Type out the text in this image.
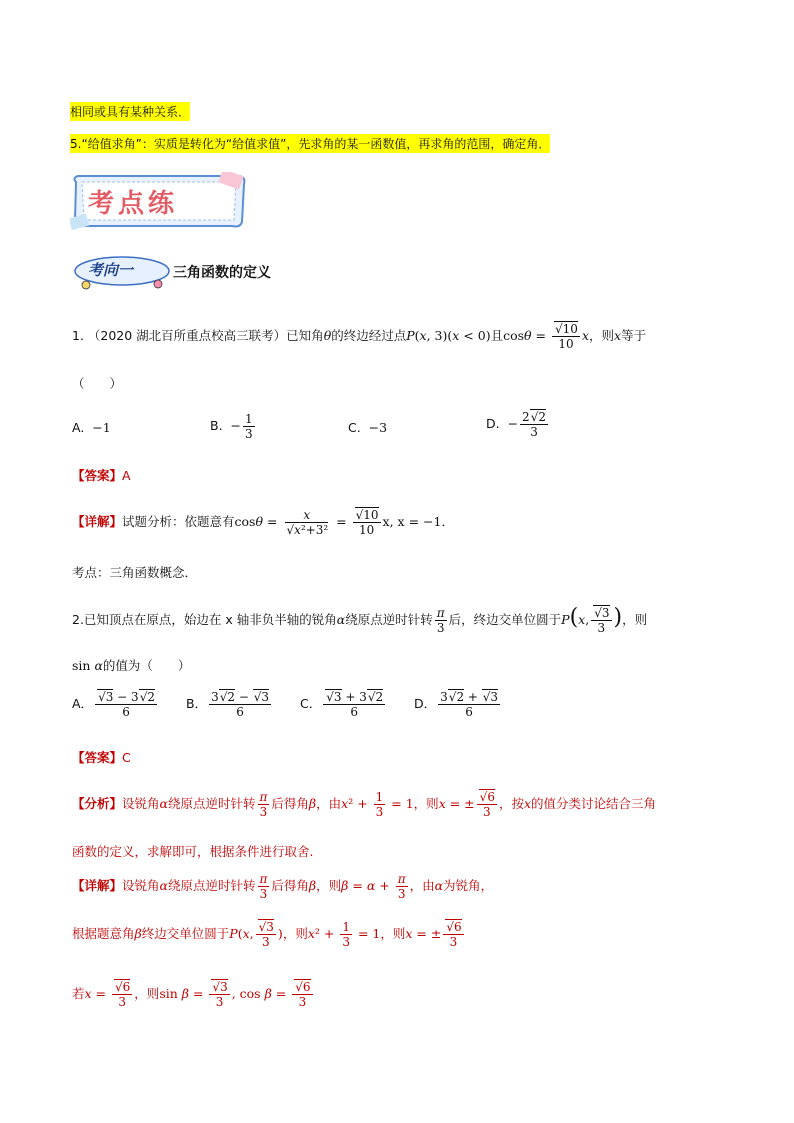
相同或具有某种关系．
5.“给值求角”：实质是转化为“给值求值”，先求角的某一函数值，再求角的范围，确定角．
考点练
考向一	三角函数的定义
1. （2020 湖北百所重点校高三联考）已知角θ的终边经过点P(x, 3)(x < 0)且cosθ = √ $\frac{10}{10}$ x，则x等于
（　　）
A. −1	B. − $\frac{1}{3}$	C. −3	D. − $\frac{2 √ 2}{3}$
【答案】A
【详解】试题分析：依题意有cosθ = x
√ x²+3² = √ $\frac{10}{10} x$, x = −1．
考点：三角函数概念．
2.已知顶点在原点，始边在 x 轴非负半轴的锐角α绕原点逆时针转 $\frac{\pi}{3}$ 后，终边交单位圆于P(x, √ $\frac{3}{3}$ )，则
sin α的值为（　　）
A． √ $\frac{3 - 3 √ 2}{6}$ B． $\frac{3 √ 2 - √ 3}{6}$ C． √ $\frac{3 + 3 √ 2}{6}$ D． $\frac{3 √ 2 + √ 3}{6}$
【答案】C
【分析】设锐角α绕原点逆时针转 $\frac{\pi}{3}$ 后得角β，由$x^2 + \frac{1}{3} = 1$，则x = ± √ $\frac{6}{3}$ ，按x的值分类讨论结合三角
函数的定义，求解即可，根据条件进行取舍.
【详解】设锐角α绕原点逆时针转 $\frac{\pi}{3}$ 后得角β，则$\beta = \alpha + \frac{\pi}{3}$ ，由α为锐角，
根据题意角β终边交单位圆于P(x, √ $\frac{3}{3}$ )，则$x^2 + \frac{1}{3} = 1$，则x = ± √ $\frac{6}{3}$
若x = √ $\frac{6}{3}$ ，则sin β = √ $\frac{3}{3}$ , cos β = √ $\frac{6}{3}$
